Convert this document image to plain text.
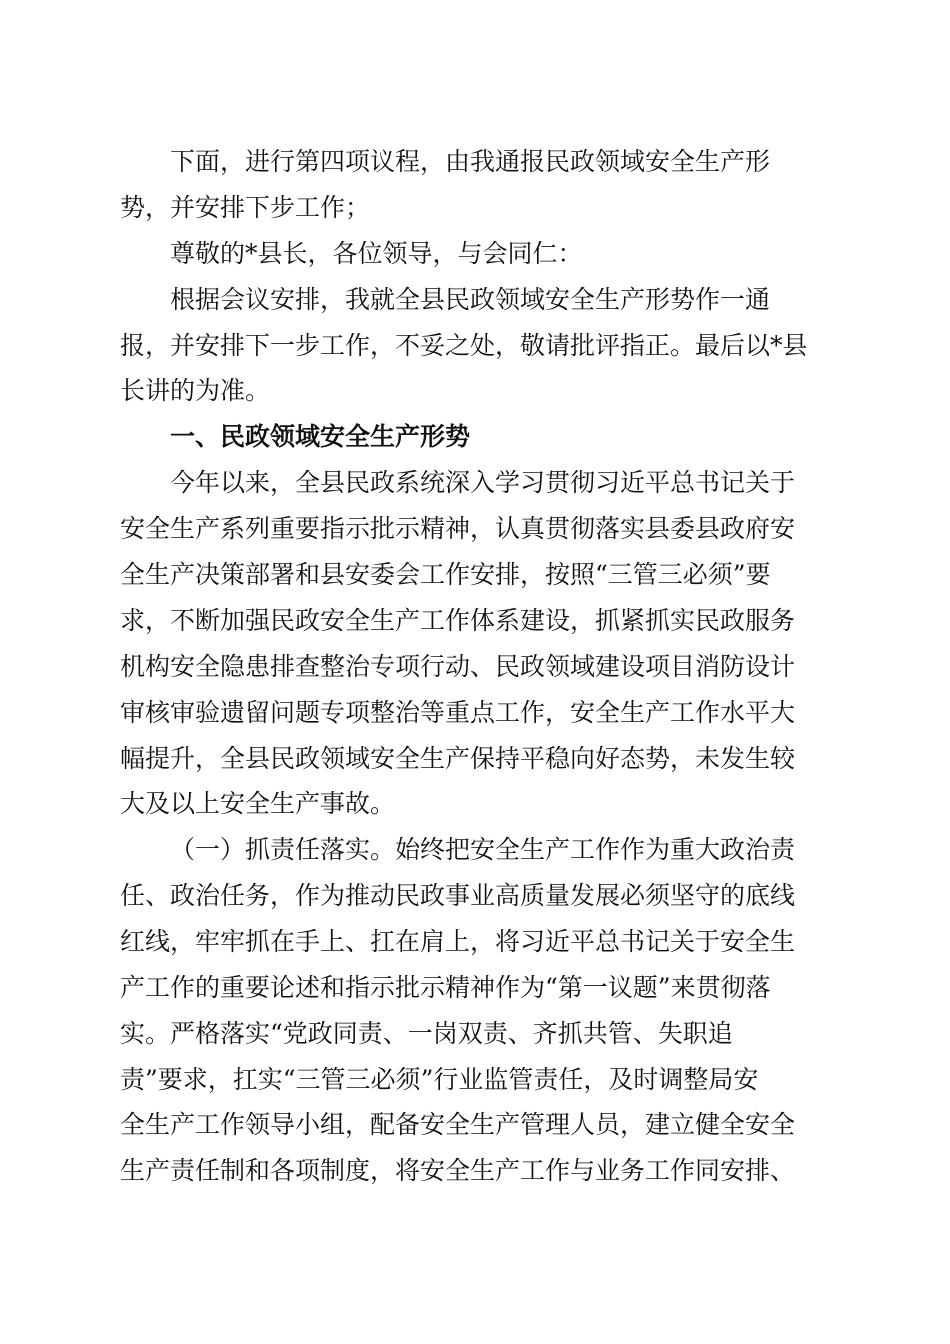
下面，进行第四项议程，由我通报民政领域安全生产形
势，并安排下步工作；
尊敬的*县长，各位领导，与会同仁：
根据会议安排，我就全县民政领域安全生产形势作一通
报，并安排下一步工作，不妥之处，敬请批评指正。最后以*县
长讲的为准。
一、民政领域安全生产形势
今年以来，全县民政系统深入学习贯彻习近平总书记关于
安全生产系列重要指示批示精神，认真贯彻落实县委县政府安
全生产决策部署和县安委会工作安排，按照“三管三必须”要
求，不断加强民政安全生产工作体系建设，抓紧抓实民政服务
机构安全隐患排查整治专项行动、民政领域建设项目消防设计
审核审验遗留问题专项整治等重点工作，安全生产工作水平大
幅提升，全县民政领域安全生产保持平稳向好态势，未发生较
大及以上安全生产事故。
（一）抓责任落实。始终把安全生产工作作为重大政治责
任、政治任务，作为推动民政事业高质量发展必须坚守的底线
红线，牢牢抓在手上、扛在肩上，将习近平总书记关于安全生
产工作的重要论述和指示批示精神作为“第一议题”来贯彻落
实。严格落实“党政同责、一岗双责、齐抓共管、失职追
责”要求，扛实“三管三必须”行业监管责任，及时调整局安
全生产工作领导小组，配备安全生产管理人员，建立健全安全
生产责任制和各项制度，将安全生产工作与业务工作同安排、
